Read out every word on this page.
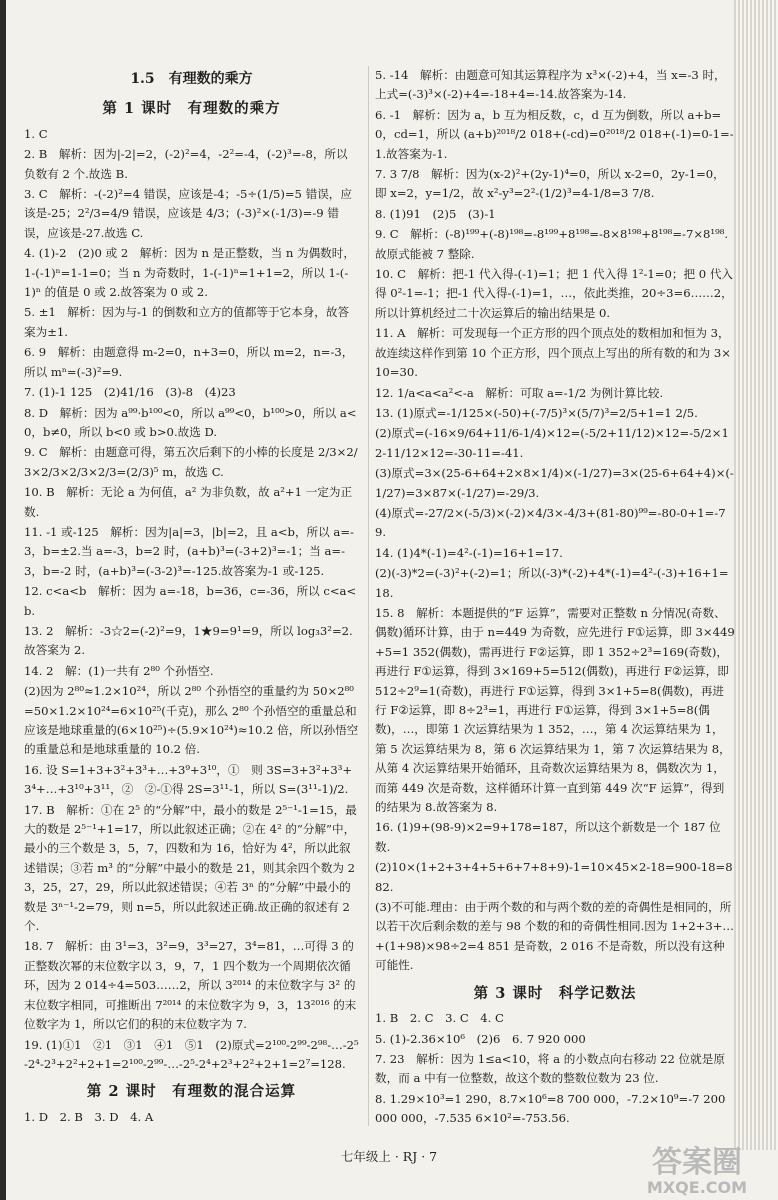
1.5　有理数的乘方
第 1 课时　有理数的乘方
1. C
2. B　解析：因为|-2|=2，(-2)²=4，-2²=-4，(-2)³=-8，所以负数有 2 个.故选 B.
3. C　解析：-(-2)²=4 错误，应该是-4；-5÷(1/5)=5 错误，应该是-25；2²/3=4/9 错误，应该是 4/3；(-3)²×(-1/3)=-9 错误，应该是-27.故选 C.
4. (1)-2　(2)0 或 2　解析：因为 n 是正整数，当 n 为偶数时，1-(-1)ⁿ=1-1=0；当 n 为奇数时，1-(-1)ⁿ=1+1=2，所以 1-(-1)ⁿ 的值是 0 或 2.故答案为 0 或 2.
5. ±1　解析：因为与-1 的倒数和立方的值都等于它本身，故答案为±1.
6. 9　解析：由题意得 m-2=0，n+3=0，所以 m=2，n=-3，所以 mⁿ=(-3)²=9.
7. (1)-1 125　(2)41/16　(3)-8　(4)23
8. D　解析：因为 a⁹⁹·b¹⁰⁰<0，所以 a⁹⁹<0，b¹⁰⁰>0，所以 a<0，b≠0，所以 b<0 或 b>0.故选 D.
9. C　解析：由题意可得，第五次后剩下的小棒的长度是 2/3×2/3×2/3×2/3×2/3=(2/3)⁵ m，故选 C.
10. B　解析：无论 a 为何值，a² 为非负数，故 a²+1 一定为正数.
11. -1 或-125　解析：因为|a|=3，|b|=2，且 a<b，所以 a=-3，b=±2.当 a=-3，b=2 时，(a+b)³=(-3+2)³=-1；当 a=-3，b=-2 时，(a+b)³=(-3-2)³=-125.故答案为-1 或-125.
12. c<a<b　解析：因为 a=-18，b=36，c=-36，所以 c<a<b.
13. 2　解析：-3☆2=(-2)²=9，1★9=9¹=9，所以 log₃3²=2.故答案为 2.
14. 2　解：(1)一共有 2⁸⁰ 个孙悟空.
(2)因为 2⁸⁰≈1.2×10²⁴，所以 2⁸⁰ 个孙悟空的重量约为 50×2⁸⁰=50×1.2×10²⁴=6×10²⁵(千克)，那么 2⁸⁰ 个孙悟空的重量总和应该是地球重量的(6×10²⁵)÷(5.9×10²⁴)≈10.2 倍，所以孙悟空的重量总和是地球重量的 10.2 倍.
16. 设 S=1+3+3²+3³+…+3⁹+3¹⁰，①　则 3S=3+3²+3³+3⁴+…+3¹⁰+3¹¹，②　②-①得 2S=3¹¹-1，所以 S=(3¹¹-1)/2.
17. B　解析：①在 2⁵ 的“分解”中，最小的数是 2⁵⁻¹-1=15，最大的数是 2⁵⁻¹+1=17，所以此叙述正确；②在 4² 的“分解”中，最小的三个数是 3，5，7，四数和为 16，恰好为 4²，所以此叙述错误；③若 m³ 的“分解”中最小的数是 21，则其余四个数为 23，25，27，29，所以此叙述错误；④若 3ⁿ 的“分解”中最小的数是 3ⁿ⁻¹-2=79，则 n=5，所以此叙述正确.故正确的叙述有 2 个.
18. 7　解析：由 3¹=3，3²=9，3³=27，3⁴=81，…可得 3 的正整数次幂的末位数字以 3，9，7，1 四个数为一个周期依次循环，因为 2 014÷4=503……2，所以 3²⁰¹⁴ 的末位数字与 3² 的末位数字相同，可推断出 7²⁰¹⁴ 的末位数字为 9，3，13²⁰¹⁶ 的末位数字为 1，所以它们的积的末位数字为 7.
19. (1)①1　②1　③1　④1　⑤1　(2)原式=2¹⁰⁰-2⁹⁹-2⁹⁸-…-2⁵-2⁴-2³+2²+2+1=2¹⁰⁰-2⁹⁹-…-2⁵-2⁴+2³+2²+2+1=2⁷=128.
第 2 课时　有理数的混合运算
1. D　2. B　3. D　4. A
5. -14　解析：由题意可知其运算程序为 x³×(-2)+4，当 x=-3 时，上式=(-3)³×(-2)+4=-18+4=-14.故答案为-14.
6. -1　解析：因为 a，b 互为相反数，c，d 互为倒数，所以 a+b=0，cd=1，所以 (a+b)²⁰¹⁸/2 018+(-cd)=0²⁰¹⁸/2 018+(-1)=0-1=-1.故答案为-1.
7. 3 7/8　解析：因为(x-2)²+(2y-1)⁴=0，所以 x-2=0，2y-1=0，即 x=2，y=1/2，故 x²-y³=2²-(1/2)³=4-1/8=3 7/8.
8. (1)91　(2)5　(3)-1
9. C　解析：(-8)¹⁹⁹+(-8)¹⁹⁸=-8¹⁹⁹+8¹⁹⁸=-8×8¹⁹⁸+8¹⁹⁸=-7×8¹⁹⁸.故原式能被 7 整除.
10. C　解析：把-1 代入得-(-1)=1；把 1 代入得 1²-1=0；把 0 代入得 0²-1=-1；把-1 代入得-(-1)=1，…，依此类推，20÷3=6……2，所以计算机经过二十次运算后的输出结果是 0.
11. A　解析：可发现每一个正方形的四个顶点处的数相加和恒为 3，故连续这样作到第 10 个正方形，四个顶点上写出的所有数的和为 3×10=30.
12. 1/a<a<a²<-a　解析：可取 a=-1/2 为例计算比较.
13. (1)原式=-1/125×(-50)+(-7/5)³×(5/7)³=2/5+1=1 2/5.
(2)原式=(-16×9/64+11/6-1/4)×12=(-5/2+11/12)×12=-5/2×12-11/12×12=-30-11=-41.
(3)原式=3×(25-6+64+2×8×1/4)×(-1/27)=3×(25-6+64+4)×(-1/27)=3×87×(-1/27)=-29/3.
(4)原式=-27/2×(-5/3)×(-2)×4/3×-4/3+(81-80)⁹⁹=-80-0+1=-79.
14. (1)4*(-1)=4²-(-1)=16+1=17.
(2)(-3)*2=(-3)²+(-2)=1；所以(-3)*(-2)+4*(-1)=4²-(-3)+16+1=18.
15. 8　解析：本题提供的“F 运算”，需要对正整数 n 分情况(奇数、偶数)循环计算，由于 n=449 为奇数，应先进行 F①运算，即 3×449+5=1 352(偶数)，需再进行 F②运算，即 1 352÷2³=169(奇数)，再进行 F①运算，得到 3×169+5=512(偶数)，再进行 F②运算，即 512÷2⁹=1(奇数)，再进行 F①运算，得到 3×1+5=8(偶数)，再进行 F②运算，即 8÷2³=1，再进行 F①运算，得到 3×1+5=8(偶数)，…，即第 1 次运算结果为 1 352，…，第 4 次运算结果为 1，第 5 次运算结果为 8，第 6 次运算结果为 1，第 7 次运算结果为 8，从第 4 次运算结果开始循环，且奇数次运算结果为 8，偶数次为 1，而第 449 次是奇数，这样循环计算一直到第 449 次“F 运算”，得到的结果为 8.故答案为 8.
16. (1)9+(98-9)×2=9+178=187，所以这个新数是一个 187 位数.
(2)10×(1+2+3+4+5+6+7+8+9)-1=10×45×2-18=900-18=882.
(3)不可能.理由：由于两个数的和与两个数的差的奇偶性是相同的，所以若干次后剩余数的差与 98 个数的和的奇偶性相同.因为 1+2+3+…+(1+98)×98÷2=4 851 是奇数，2 016 不是奇数，所以没有这种可能性.
第 3 课时　科学记数法
1. B　2. C　3. C　4. C
5. (1)-2.36×10⁶　(2)6　6. 7 920 000
7. 23　解析：因为 1≤a<10，将 a 的小数点向右移动 22 位就是原数，而 a 中有一位整数，故这个数的整数位数为 23 位.
8. 1.29×10³=1 290，8.7×10⁶=8 700 000，-7.2×10⁹=-7 200 000 000，-7.535 6×10²=-753.56.
七年级上 · RJ · 7	答案圈
MXQE.COM
